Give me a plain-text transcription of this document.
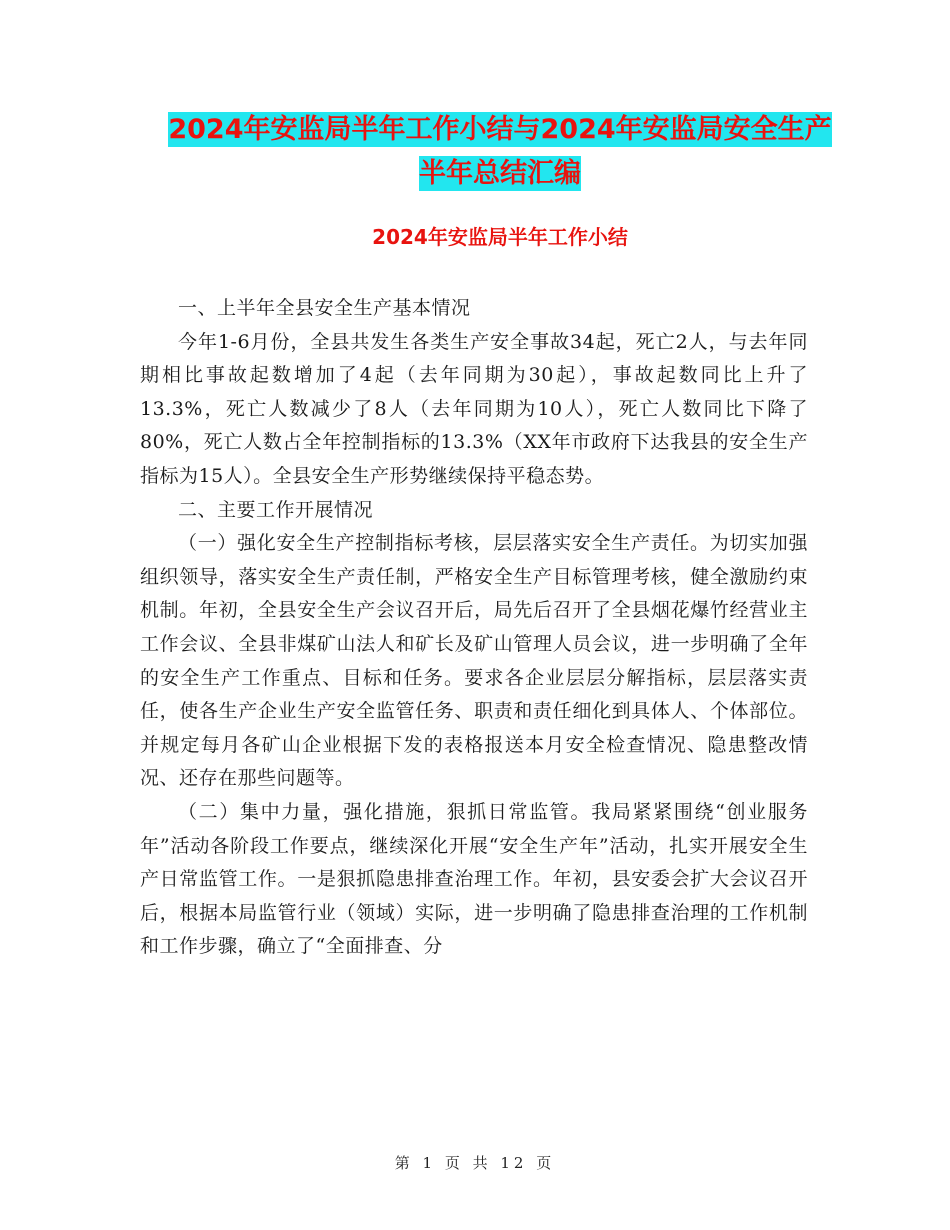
2024年安监局半年工作小结与2024年安监局安全生产
半年总结汇编
2024年安监局半年工作小结

一、上半年全县安全生产基本情况

今年1-6月份，全县共发生各类生产安全事故34起，死亡2人，与去年同期相比事故起数增加了4起（去年同期为30起），事故起数同比上升了13.3%，死亡人数减少了8人（去年同期为10人），死亡人数同比下降了80%，死亡人数占全年控制指标的13.3%（XX年市政府下达我县的安全生产指标为15人）。全县安全生产形势继续保持平稳态势。

二、主要工作开展情况

（一）强化安全生产控制指标考核，层层落实安全生产责任。为切实加强组织领导，落实安全生产责任制，严格安全生产目标管理考核，健全激励约束机制。年初，全县安全生产会议召开后，局先后召开了全县烟花爆竹经营业主工作会议、全县非煤矿山法人和矿长及矿山管理人员会议，进一步明确了全年的安全生产工作重点、目标和任务。要求各企业层层分解指标，层层落实责任，使各生产企业生产安全监管任务、职责和责任细化到具体人、个体部位。并规定每月各矿山企业根据下发的表格报送本月安全检查情况、隐患整改情况、还存在那些问题等。

（二）集中力量，强化措施，狠抓日常监管。我局紧紧围绕“创业服务年”活动各阶段工作要点，继续深化开展“安全生产年”活动，扎实开展安全生产日常监管工作。一是狠抓隐患排查治理工作。年初，县安委会扩大会议召开后，根据本局监管行业（领域）实际，进一步明确了隐患排查治理的工作机制和工作步骤，确立了“全面排查、分

第 1 页 共 12 页
